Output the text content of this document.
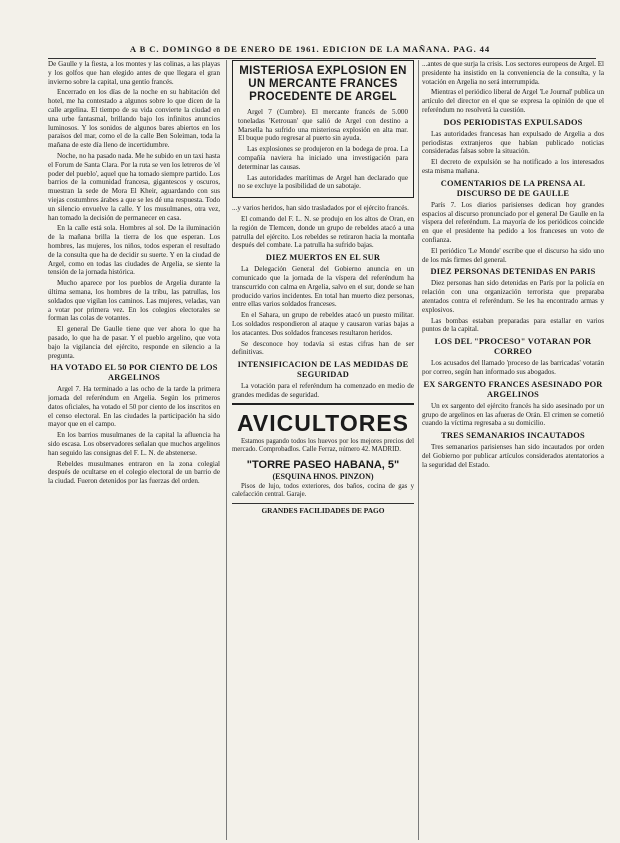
A B C. DOMINGO 8 DE ENERO DE 1961. EDICION DE LA MAÑANA. PAG. 44

De Gaulle y la fiesta, a los montes y las colinas, a las playas y los golfos que han elegido antes de que llegara el gran invierno sobre la capital, una gentío francés.

Encerrado en los días de la noche en su habitación del hotel, me ha contestado a algunos sobre lo que dicen de la calle argelina. El tiempo de su vida convierte la ciudad en una urbe fantasmal, brillando bajo los infinitos anuncios luminosos. Y los sonidos de algunos bares abiertos en los paraísos del mar, como el de la calle Ben Soleiman, toda la mañana de este día lleno de incertidumbre.

Noche, no ha pasado nada. Me he subido en un taxi hasta el Forum de Santa Clara. Por la ruta se ven los letreros de 'el poder del pueblo', aquel que ha tomado siempre partido. Los barrios de la comunidad francesa, gigantescos y oscuros, muestran la sede de Mora El Kheir, aguardando con sus viejas costumbres árabes a que se les dé una respuesta. Todo un silencio envuelve la calle. Y los musulmanes, otra vez, han tomado la decisión de permanecer en casa.

En la calle está sola. Hombres al sol. De la iluminación de la mañana brilla la tierra de los que esperan. Los hombres, las mujeres, los niños, todos esperan el resultado de la consulta que ha de decidir su suerte. Y en la ciudad de Argel, como en todas las ciudades de Argelia, se siente la tensión de la jornada histórica.

Mucho aparece por los pueblos de Argelia durante la última semana, los hombres de la tribu, las patrullas, los soldados que vigilan los caminos. Las mujeres, veladas, van a votar por primera vez. En los colegios electorales se forman las colas de votantes.

El general De Gaulle tiene que ver ahora lo que ha pasado, lo que ha de pasar. Y el pueblo argelino, que vota bajo la vigilancia del ejército, responde en silencio a la pregunta.

HA VOTADO EL 50 POR CIENTO DE LOS ARGELINOS

Argel 7. Ha terminado a las ocho de la tarde la primera jornada del referéndum en Argelia. Según los primeros datos oficiales, ha votado el 50 por ciento de los inscritos en el censo electoral. En las ciudades la participación ha sido mayor que en el campo.

En los barrios musulmanes de la capital la afluencia ha sido escasa. Los observadores señalan que muchos argelinos han seguido las consignas del F. L. N. de abstenerse.

Rebeldes musulmanes entraron en la zona colegial después de ocultarse en el colegio electoral de un barrio de la ciudad. Fueron detenidos por las fuerzas del orden.

MISTERIOSA EXPLOSION EN UN MERCANTE FRANCES PROCEDENTE DE ARGEL

Argel 7 (Cumbre). El mercante francés de 5.000 toneladas 'Ketrouan' que salió de Argel con destino a Marsella ha sufrido una misteriosa explosión en alta mar. El buque pudo regresar al puerto sin ayuda.

Las explosiones se produjeron en la bodega de proa. La compañía naviera ha iniciado una investigación para determinar las causas.

Las autoridades marítimas de Argel han declarado que no se excluye la posibilidad de un sabotaje.

...y varios heridos, han sido trasladados por el ejército francés.

El comando del F. L. N. se produjo en los altos de Oran, en la región de Tlemcen, donde un grupo de rebeldes atacó a una patrulla del ejército. Los rebeldes se retiraron hacia la montaña después del combate. La patrulla ha sufrido bajas.

DIEZ MUERTOS EN EL SUR

La Delegación General del Gobierno anuncia en un comunicado que la jornada de la víspera del referéndum ha transcurrido con calma en Argelia, salvo en el sur, donde se han producido varios incidentes. En total han muerto diez personas, entre ellas varios soldados franceses.

En el Sahara, un grupo de rebeldes atacó un puesto militar. Los soldados respondieron al ataque y causaron varias bajas a los atacantes. Dos soldados franceses resultaron heridos.

Se desconoce hoy todavía si estas cifras han de ser definitivas.

INTENSIFICACION DE LAS MEDIDAS DE SEGURIDAD

La votación para el referéndum ha comenzado en medio de grandes medidas de seguridad.

AVICULTORES

Estamos pagando todos los huevos por los mejores precios del mercado. Comprobadlos. Calle Ferraz, número 42. MADRID.

"TORRE PASEO HABANA, 5"
(ESQUINA HNOS. PINZON)

Pisos de lujo, todos exteriores, dos baños, cocina de gas y calefacción central. Garaje.

GRANDES FACILIDADES DE PAGO

...antes de que surja la crisis. Los sectores europeos de Argel. El presidente ha insistido en la conveniencia de la consulta, y la votación en Argelia no será interrumpida.

Mientras el periódico liberal de Argel 'Le Journal' publica un artículo del director en el que se expresa la opinión de que el referéndum no resolverá la cuestión.

DOS PERIODISTAS EXPULSADOS

Las autoridades francesas han expulsado de Argelia a dos periodistas extranjeros que habían publicado noticias consideradas falsas sobre la situación.

El decreto de expulsión se ha notificado a los interesados esta misma mañana.

COMENTARIOS DE LA PRENSA AL DISCURSO DE DE GAULLE

París 7. Los diarios parisienses dedican hoy grandes espacios al discurso pronunciado por el general De Gaulle en la víspera del referéndum. La mayoría de los periódicos coincide en que el presidente ha pedido a los franceses un voto de confianza.

El periódico 'Le Monde' escribe que el discurso ha sido uno de los más firmes del general.

DIEZ PERSONAS DETENIDAS EN PARIS

Diez personas han sido detenidas en París por la policía en relación con una organización terrorista que preparaba atentados contra el referéndum. Se les ha encontrado armas y explosivos.

Las bombas estaban preparadas para estallar en varios puntos de la capital.

LOS DEL "PROCESO" VOTARAN POR CORREO

Los acusados del llamado 'proceso de las barricadas' votarán por correo, según han informado sus abogados.

EX SARGENTO FRANCES ASESINADO POR ARGELINOS

Un ex sargento del ejército francés ha sido asesinado por un grupo de argelinos en las afueras de Orán. El crimen se cometió cuando la víctima regresaba a su domicilio.

TRES SEMANARIOS INCAUTADOS

Tres semanarios parisienses han sido incautados por orden del Gobierno por publicar artículos considerados atentatorios a la seguridad del Estado.
